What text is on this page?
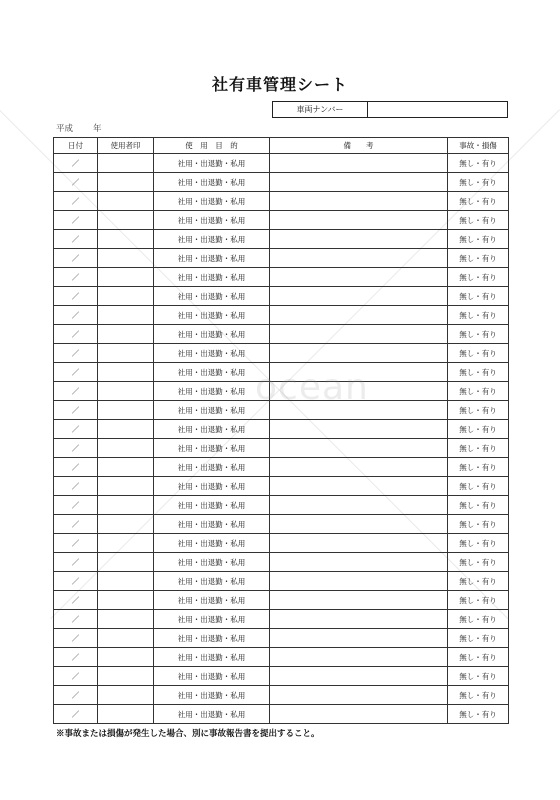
社有車管理シート
車両ナンバー
平成 年
日付	使用者印	使　用　目　的	備　　考	事故・損傷
／		社用・出退勤・私用		無し・有り
／		社用・出退勤・私用		無し・有り
／		社用・出退勤・私用		無し・有り
／		社用・出退勤・私用		無し・有り
／		社用・出退勤・私用		無し・有り
／		社用・出退勤・私用		無し・有り
／		社用・出退勤・私用		無し・有り
／		社用・出退勤・私用		無し・有り
／		社用・出退勤・私用		無し・有り
／		社用・出退勤・私用		無し・有り
／		社用・出退勤・私用		無し・有り
／		社用・出退勤・私用		無し・有り
／		社用・出退勤・私用		無し・有り
／		社用・出退勤・私用		無し・有り
／		社用・出退勤・私用		無し・有り
／		社用・出退勤・私用		無し・有り
／		社用・出退勤・私用		無し・有り
／		社用・出退勤・私用		無し・有り
／		社用・出退勤・私用		無し・有り
／		社用・出退勤・私用		無し・有り
／		社用・出退勤・私用		無し・有り
／		社用・出退勤・私用		無し・有り
／		社用・出退勤・私用		無し・有り
／		社用・出退勤・私用		無し・有り
／		社用・出退勤・私用		無し・有り
／		社用・出退勤・私用		無し・有り
／		社用・出退勤・私用		無し・有り
／		社用・出退勤・私用		無し・有り
／		社用・出退勤・私用		無し・有り
／		社用・出退勤・私用		無し・有り
ocean
※事故または損傷が発生した場合、別に事故報告書を提出すること。
